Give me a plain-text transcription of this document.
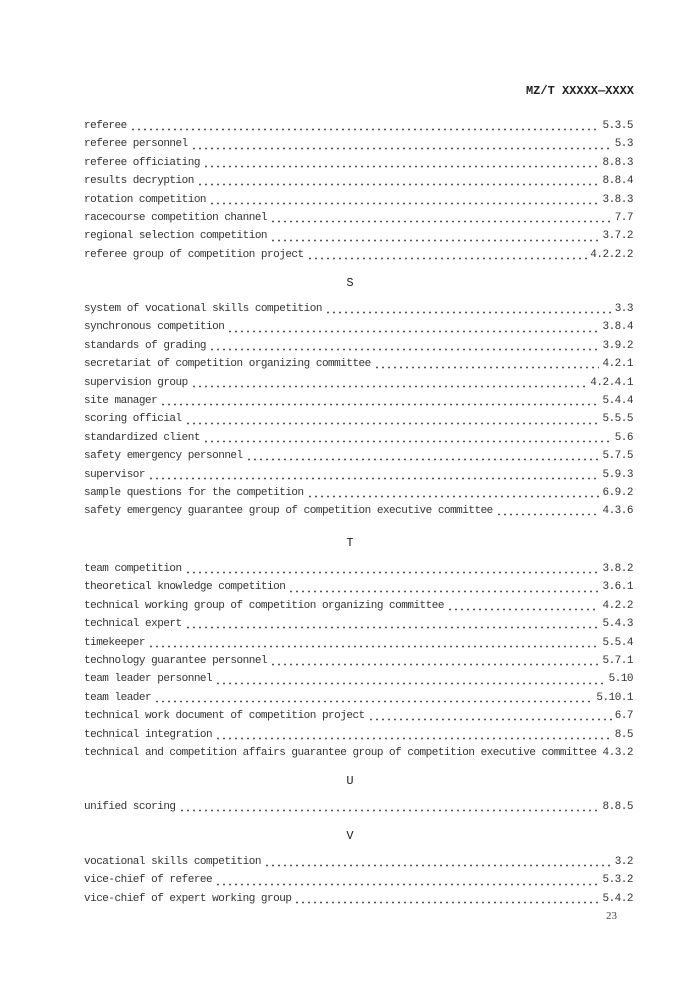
MZ/T XXXXX—XXXX
referee	5.3.5
referee personnel	5.3
referee officiating	8.8.3
results decryption	8.8.4
rotation competition	3.8.3
racecourse competition channel	7.7
regional selection competition	3.7.2
referee group of competition project	4.2.2.2
S
system of vocational skills competition	3.3
synchronous competition	3.8.4
standards of grading	3.9.2
secretariat of competition organizing committee	4.2.1
supervision group	4.2.4.1
site manager	5.4.4
scoring official	5.5.5
standardized client	5.6
safety emergency personnel	5.7.5
supervisor	5.9.3
sample questions for the competition	6.9.2
safety emergency guarantee group of competition executive committee	4.3.6
T
team competition	3.8.2
theoretical knowledge competition	3.6.1
technical working group of competition organizing committee	4.2.2
technical expert	5.4.3
timekeeper	5.5.4
technology guarantee personnel	5.7.1
team leader personnel	5.10
team leader	5.10.1
technical work document of competition project	6.7
technical integration	8.5
technical and competition affairs guarantee group of competition executive committee 4.3.2
U
unified scoring	8.8.5
V
vocational skills competition	3.2
vice-chief of referee	5.3.2
vice-chief of expert working group	5.4.2
23
